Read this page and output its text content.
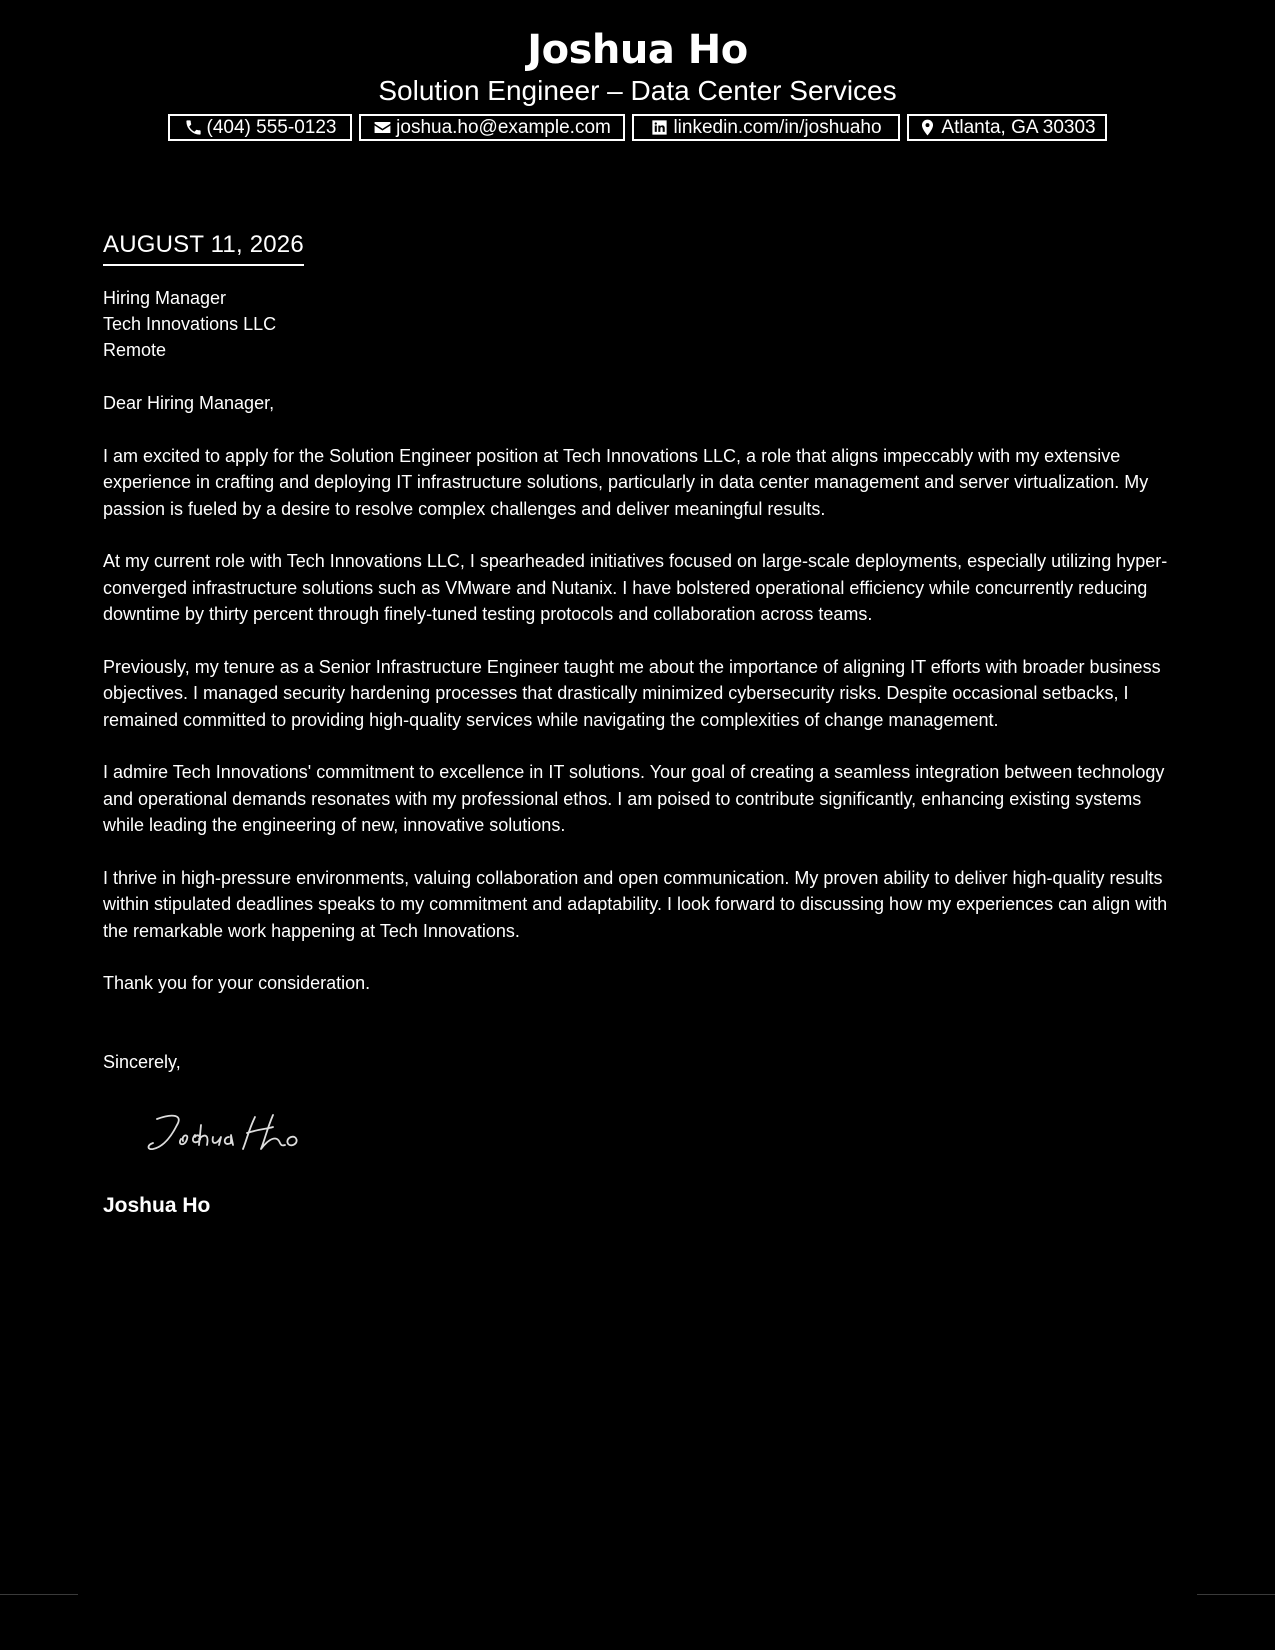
Joshua Ho
Solution Engineer – Data Center Services
(404) 555-0123	joshua.ho@example.com	linkedin.com/in/joshuaho	Atlanta, GA 30303
AUGUST 11, 2026
Hiring Manager
Tech Innovations LLC
Remote
Dear Hiring Manager,

I am excited to apply for the Solution Engineer position at Tech Innovations LLC, a role that aligns impeccably with my extensive experience in crafting and deploying IT infrastructure solutions, particularly in data center management and server virtualization. My passion is fueled by a desire to resolve complex challenges and deliver meaningful results.

At my current role with Tech Innovations LLC, I spearheaded initiatives focused on large-scale deployments, especially utilizing hyper-converged infrastructure solutions such as VMware and Nutanix. I have bolstered operational efficiency while concurrently reducing downtime by thirty percent through finely-tuned testing protocols and collaboration across teams.

Previously, my tenure as a Senior Infrastructure Engineer taught me about the importance of aligning IT efforts with broader business objectives. I managed security hardening processes that drastically minimized cybersecurity risks. Despite occasional setbacks, I remained committed to providing high-quality services while navigating the complexities of change management.

I admire Tech Innovations' commitment to excellence in IT solutions. Your goal of creating a seamless integration between technology and operational demands resonates with my professional ethos. I am poised to contribute significantly, enhancing existing systems while leading the engineering of new, innovative solutions.

I thrive in high-pressure environments, valuing collaboration and open communication. My proven ability to deliver high-quality results within stipulated deadlines speaks to my commitment and adaptability. I look forward to discussing how my experiences can align with the remarkable work happening at Tech Innovations.

Thank you for your consideration.
Sincerely,
Joshua Ho
